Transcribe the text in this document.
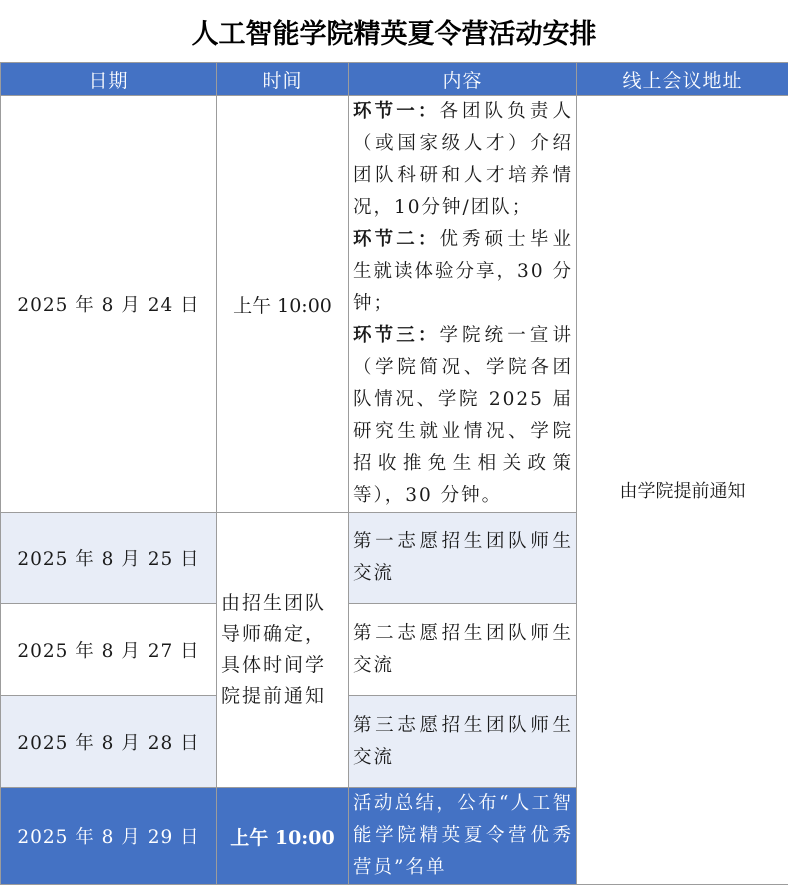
人工智能学院精英夏令营活动安排
日期	时间	内容	线上会议地址
2025 年 8 月 24 日	上午 10:00	环节一：各团队负责人（或国家级人才）介绍团队科研和人才培养情况，10分钟/团队；

环节二：优秀硕士毕业生就读体验分享，30 分钟；

环节三：学院统一宣讲（学院简况、学院各团队情况、学院 2025 届研究生就业情况、学院招收推免生相关政策等），30 分钟。	由学院提前通知
2025 年 8 月 25 日	由招生团队导师确定，具体时间学院提前通知	第一志愿招生团队师生交流	
2025 年 8 月 27 日		第二志愿招生团队师生交流	
2025 年 8 月 28 日		第三志愿招生团队师生交流	
2025 年 8 月 29 日	上午 10:00	活动总结，公布“人工智能学院精英夏令营优秀营员”名单	
